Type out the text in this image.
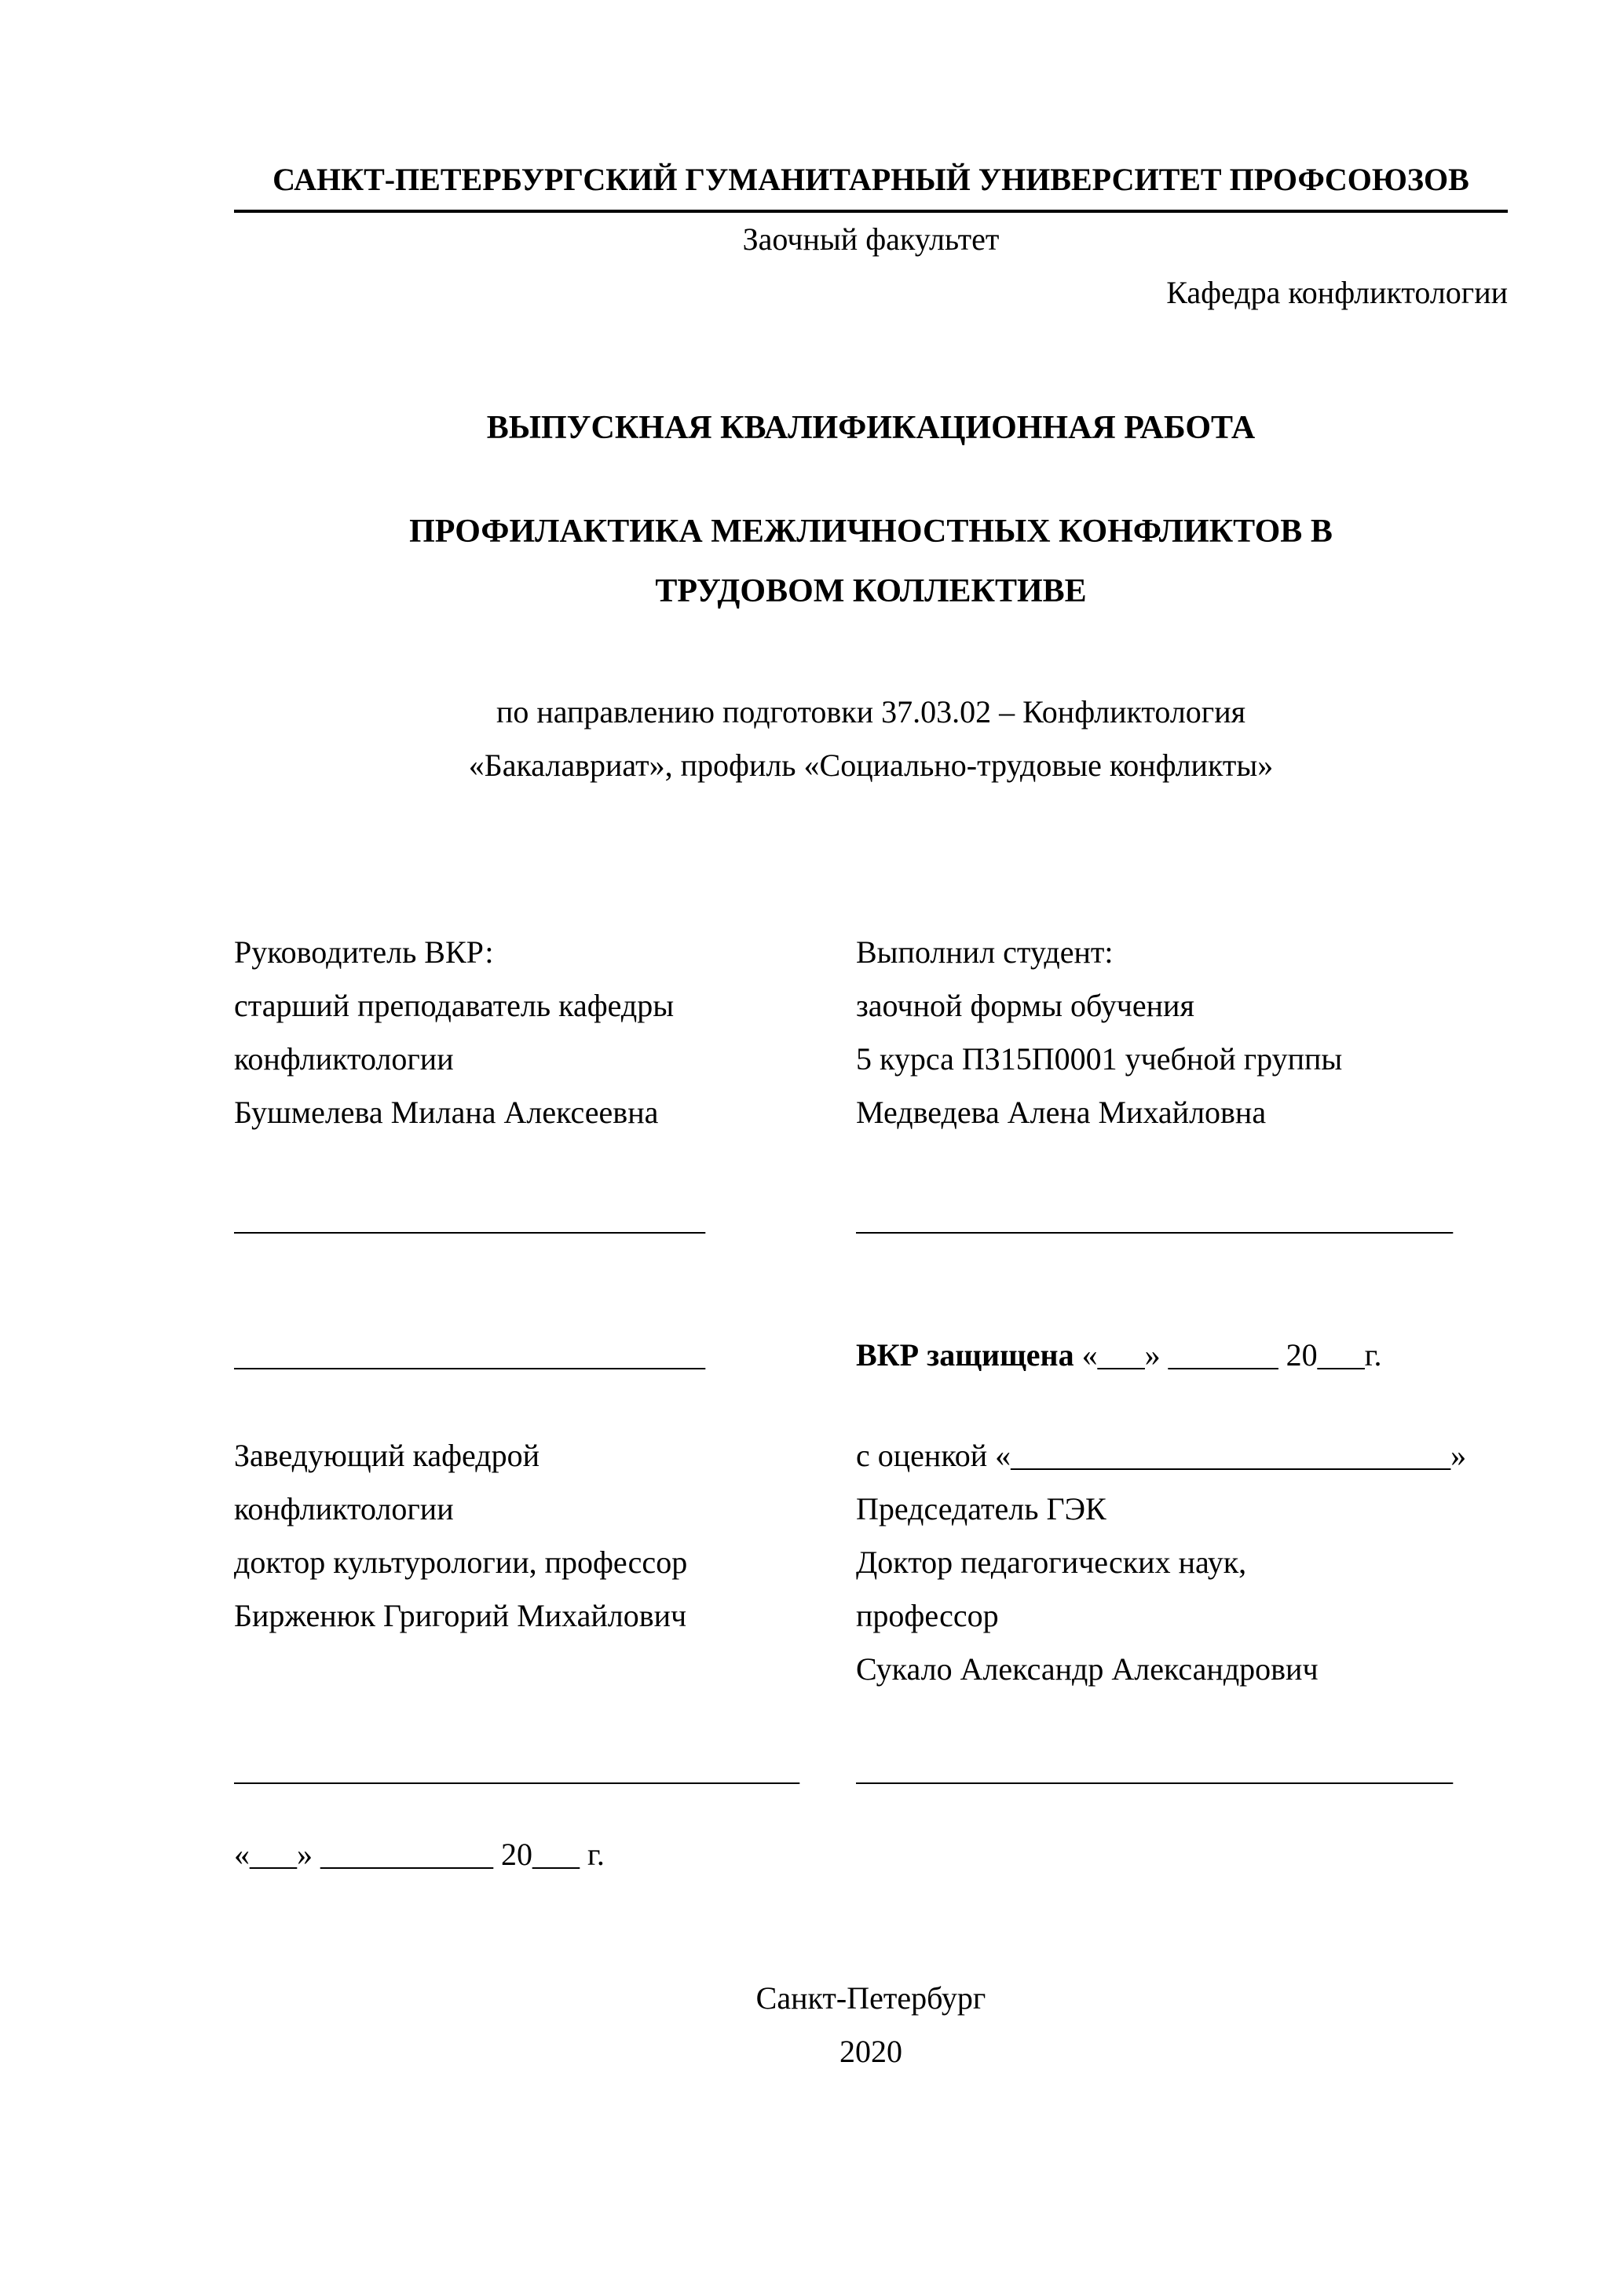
САНКТ-ПЕТЕРБУРГСКИЙ ГУМАНИТАРНЫЙ УНИВЕРСИТЕТ ПРОФСОЮЗОВ
Заочный факультет
Кафедра конфликтологии
ВЫПУСКНАЯ КВАЛИФИКАЦИОННАЯ РАБОТА
ПРОФИЛАКТИКА МЕЖЛИЧНОСТНЫХ КОНФЛИКТОВ В
ТРУДОВОМ КОЛЛЕКТИВЕ
по направлению подготовки 37.03.02 – Конфликтология
«Бакалавриат», профиль «Социально-трудовые конфликты»
Руководитель ВКР:
старший преподаватель кафедры
конфликтологии
Бушмелева Милана Алексеевна
Выполнил студент:
заочной формы обучения
5 курса ПЗ15П0001 учебной группы
Медведева Алена Михайловна
______________________________	______________________________________
______________________________	ВКР защищена «___» _______ 20___г.
Заведующий кафедрой
конфликтологии
доктор культурологии, профессор
Бирженюк Григорий Михайлович
с оценкой «____________________________»
Председатель ГЭК
Доктор педагогических наук,
профессор
Сукало Александр Александрович
____________________________________	______________________________________
«___» ___________ 20___ г.
Санкт-Петербург
2020
